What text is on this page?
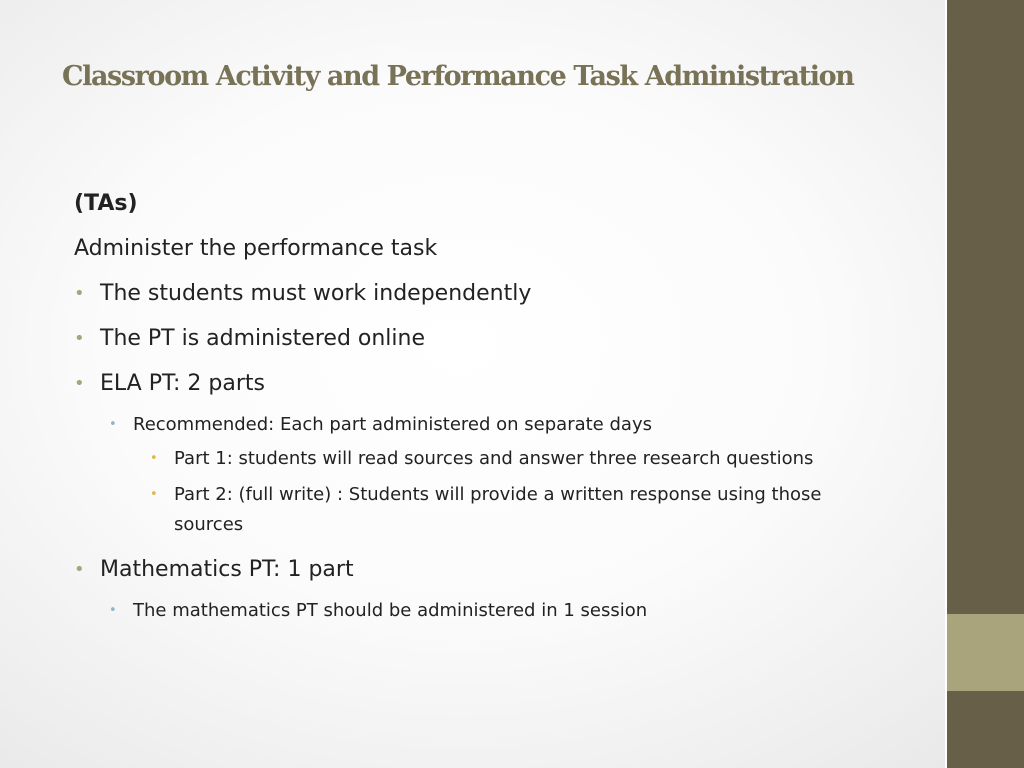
Classroom Activity and Performance Task Administration

(TAs)

Administer the performance task

• The students must work independently
• The PT is administered online
• ELA PT: 2 parts
• Recommended: Each part administered on separate days
• Part 1: students will read sources and answer three research questions
• Part 2: (full write) : Students will provide a written response using those sources
• Mathematics PT: 1 part
• The mathematics PT should be administered in 1 session
